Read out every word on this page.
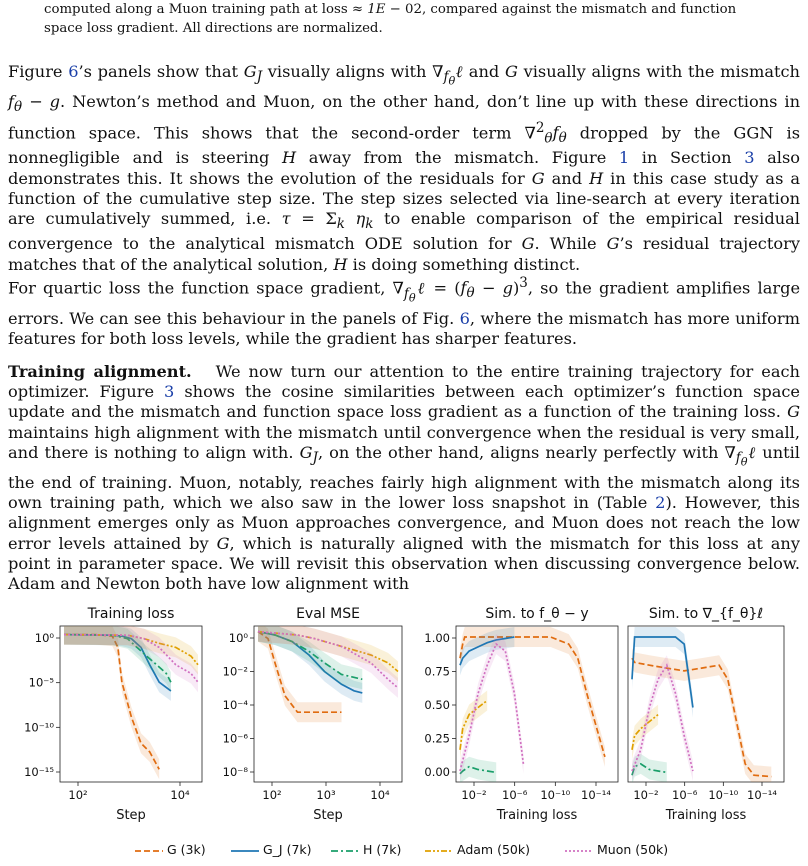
computed along a Muon training path at loss ≈ 1E − 02, compared against the mismatch and function space loss gradient. All directions are normalized.
Figure 6’s panels show that $G_J$ visually aligns with $\nabla_{f_\theta}\ell$ and G visually aligns with the mismatch $f_\theta - g$. Newton’s method and Muon, on the other hand, don’t line up with these directions in function space. This shows that the second-order term $\nabla^2_\theta f_\theta$ dropped by the GGN is nonnegligible and is steering H away from the mismatch. Figure 1 in Section 3 also demonstrates this. It shows the evolution of the residuals for G and H in this case study as a function of the cumulative step size. The step sizes selected via line-search at every iteration are cumulatively summed, i.e. $\tau = \Sigma_k$ $\eta_k$ to enable comparison of the empirical residual convergence to the analytical mismatch ODE solution for G. While G’s residual trajectory matches that of the analytical solution, H is doing something distinct.
For quartic loss the function space gradient, $\nabla_{f_\theta}\ell = (f_\theta - g)^3$, so the gradient amplifies large errors. We can see this behaviour in the panels of Fig. 6, where the mismatch has more uniform features for both loss levels, while the gradient has sharper features.
Training alignment.   We now turn our attention to the entire training trajectory for each optimizer. Figure 3 shows the cosine similarities between each optimizer’s function space update and the mismatch and function space loss gradient as a function of the training loss. G maintains high alignment with the mismatch until convergence when the residual is very small, and there is nothing to align with. $G_J$, on the other hand, aligns nearly perfectly with $\nabla_{f_\theta}\ell$ until the end of training. Muon, notably, reaches fairly high alignment with the mismatch along its own training path, which we also saw in the lower loss snapshot in (Table 2). However, this alignment emerges only as Muon approaches convergence, and Muon does not reach the low error levels attained by G, which is naturally aligned with the mismatch for this loss at any point in parameter space. We will revisit this observation when discussing convergence below. Adam and Newton both have low alignment with
Training loss
Step
10⁰
10⁻⁵
10⁻¹⁰
10⁻¹⁵
10²	10⁴
Eval MSE
Step
10⁰
10⁻²
10⁻⁴
10⁻⁶
10⁻⁸
10²	10³	10⁴
Sim. to f_θ − y
Training loss
1.00
0.75
0.50
0.25
0.00
10⁻² 10⁻⁶ 10⁻¹⁰ 10⁻¹⁴
Sim. to ∇_{f_θ}ℓ
Training loss
10⁻² 10⁻⁶ 10⁻¹⁰ 10⁻¹⁴
G (3k)	G_J (7k)	H (7k)	Adam (50k)	Muon (50k)
